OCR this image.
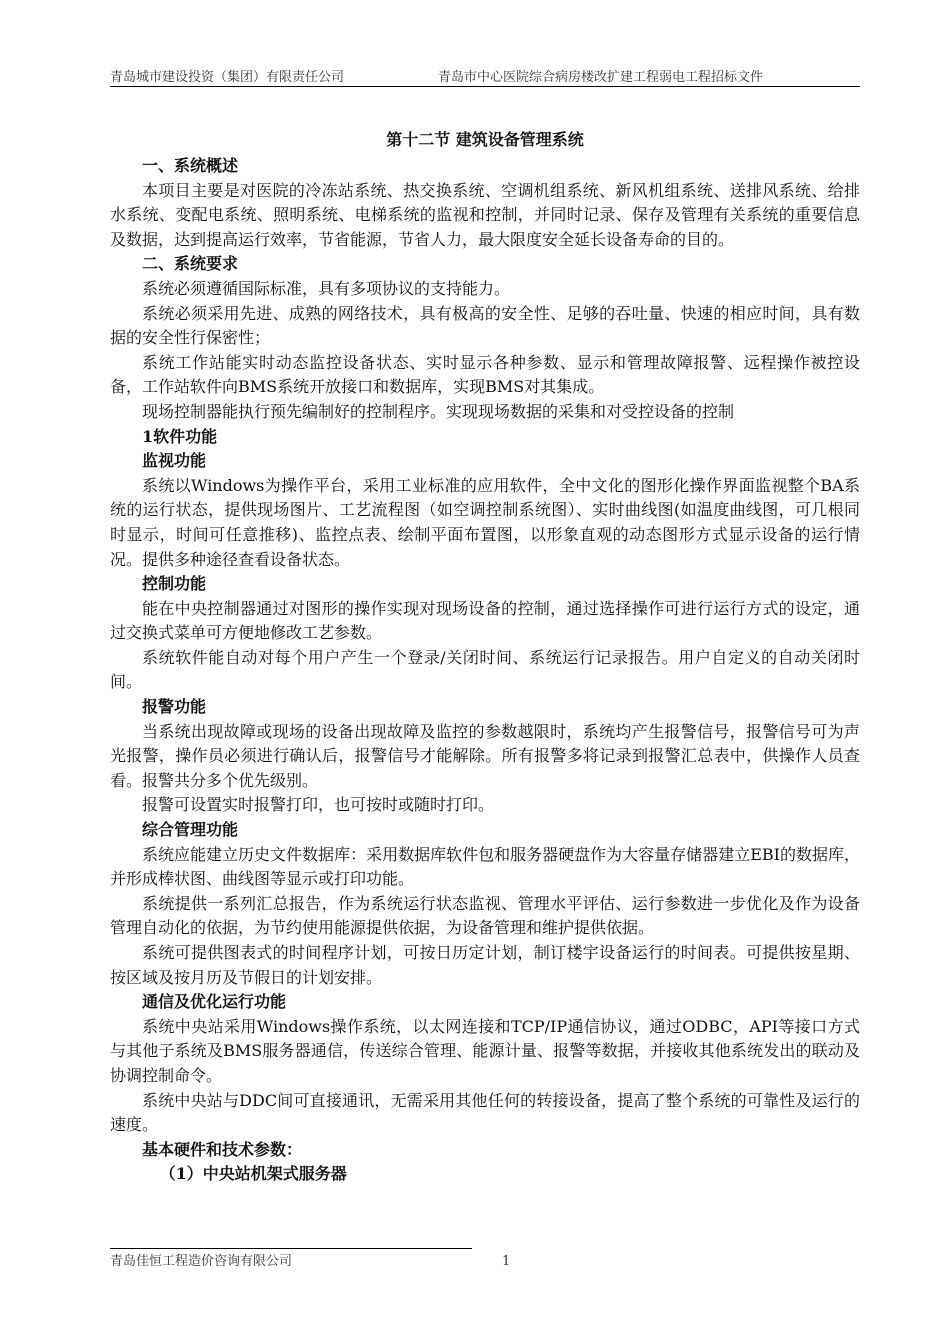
青岛城市建设投资（集团）有限责任公司	青岛市中心医院综合病房楼改扩建工程弱电工程招标文件
第十二节 建筑设备管理系统

一、系统概述

本项目主要是对医院的冷冻站系统、热交换系统、空调机组系统、新风机组系统、送排风系统、给排水系统、变配电系统、照明系统、电梯系统的监视和控制，并同时记录、保存及管理有关系统的重要信息及数据，达到提高运行效率，节省能源，节省人力，最大限度安全延长设备寿命的目的。

二、系统要求

系统必须遵循国际标准，具有多项协议的支持能力。

系统必须采用先进、成熟的网络技术，具有极高的安全性、足够的吞吐量、快速的相应时间，具有数据的安全性行保密性；

系统工作站能实时动态监控设备状态、实时显示各种参数、显示和管理故障报警、远程操作被控设备，工作站软件向BMS系统开放接口和数据库，实现BMS对其集成。

现场控制器能执行预先编制好的控制程序。实现现场数据的采集和对受控设备的控制

1软件功能

监视功能

系统以Windows为操作平台，采用工业标准的应用软件，全中文化的图形化操作界面监视整个BA系统的运行状态，提供现场图片、工艺流程图（如空调控制系统图）、实时曲线图(如温度曲线图，可几根同时显示，时间可任意推移)、监控点表、绘制平面布置图，以形象直观的动态图形方式显示设备的运行情况。提供多种途径查看设备状态。

控制功能

能在中央控制器通过对图形的操作实现对现场设备的控制，通过选择操作可进行运行方式的设定，通过交换式菜单可方便地修改工艺参数。

系统软件能自动对每个用户产生一个登录/关闭时间、系统运行记录报告。用户自定义的自动关闭时间。

报警功能

当系统出现故障或现场的设备出现故障及监控的参数越限时，系统均产生报警信号，报警信号可为声光报警，操作员必须进行确认后，报警信号才能解除。所有报警多将记录到报警汇总表中，供操作人员查看。报警共分多个优先级别。

报警可设置实时报警打印，也可按时或随时打印。

综合管理功能

系统应能建立历史文件数据库：采用数据库软件包和服务器硬盘作为大容量存储器建立EBI的数据库，并形成棒状图、曲线图等显示或打印功能。

系统提供一系列汇总报告，作为系统运行状态监视、管理水平评估、运行参数进一步优化及作为设备管理自动化的依据，为节约使用能源提供依据，为设备管理和维护提供依据。

系统可提供图表式的时间程序计划，可按日历定计划，制订楼宇设备运行的时间表。可提供按星期、按区域及按月历及节假日的计划安排。

通信及优化运行功能

系统中央站采用Windows操作系统，以太网连接和TCP/IP通信协议，通过ODBC，API等接口方式与其他子系统及BMS服务器通信，传送综合管理、能源计量、报警等数据，并接收其他系统发出的联动及协调控制命令。

系统中央站与DDC间可直接通讯，无需采用其他任何的转接设备，提高了整个系统的可靠性及运行的速度。

基本硬件和技术参数：

（1）中央站机架式服务器

青岛佳恒工程造价咨询有限公司	1
